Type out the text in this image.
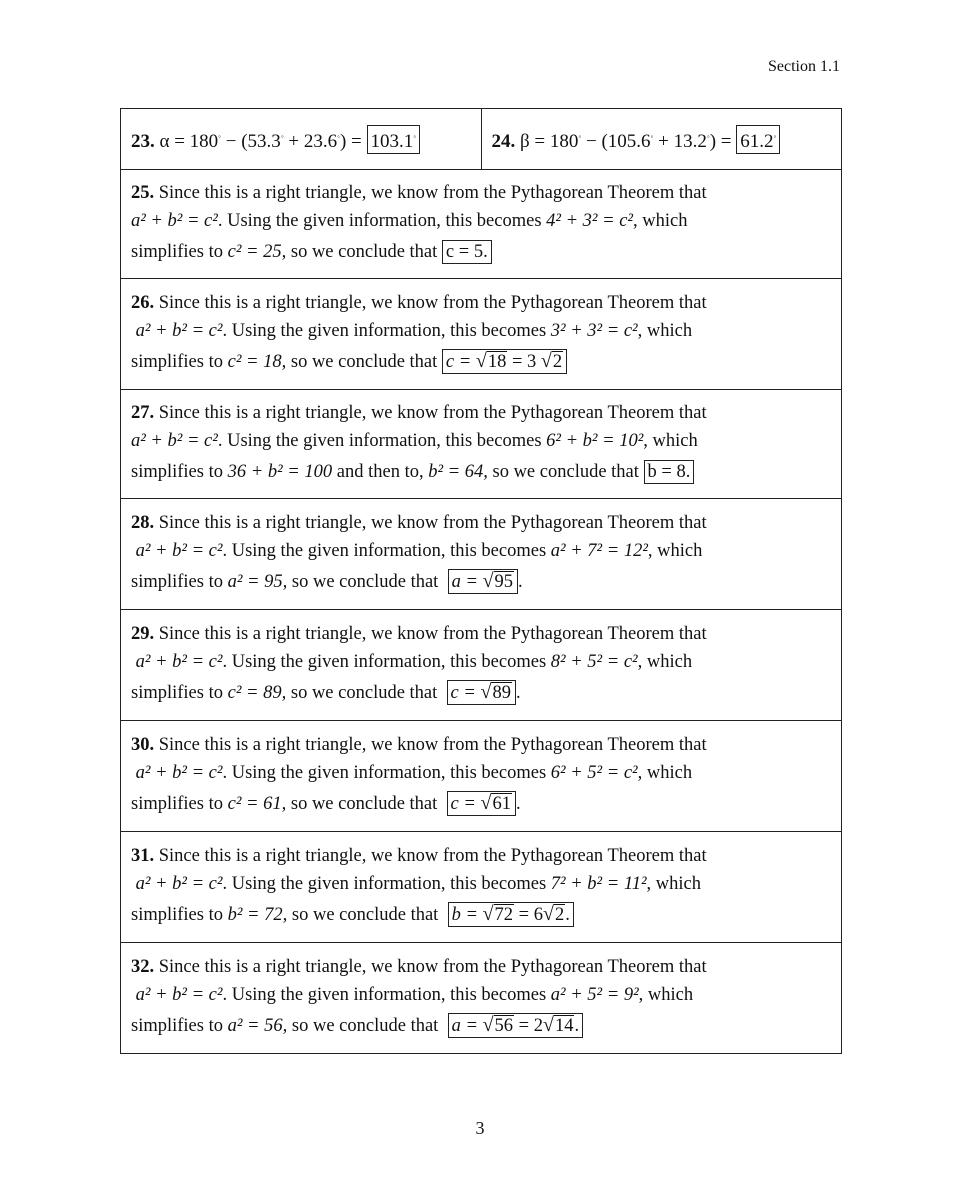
Section 1.1
23. α = 180◦ − (53.3◦ + 23.6◦) = 103.1◦	24. β = 180◦ − (105.6◦ + 13.2◦) = 61.2◦

25. Since this is a right triangle, we know from the Pythagorean Theorem that
a² + b² = c². Using the given information, this becomes 4² + 3² = c², which
simplifies to c² = 25, so we conclude that c = 5.

26. Since this is a right triangle, we know from the Pythagorean Theorem that
a² + b² = c². Using the given information, this becomes 3² + 3² = c², which
simplifies to c² = 18, so we conclude that c = √18 = 3 √2

27. Since this is a right triangle, we know from the Pythagorean Theorem that
a² + b² = c². Using the given information, this becomes 6² + b² = 10², which
simplifies to 36 + b² = 100 and then to, b² = 64, so we conclude that b = 8.

28. Since this is a right triangle, we know from the Pythagorean Theorem that
a² + b² = c². Using the given information, this becomes a² + 7² = 12², which
simplifies to a² = 95, so we conclude that  a = √95 .

29. Since this is a right triangle, we know from the Pythagorean Theorem that
a² + b² = c². Using the given information, this becomes 8² + 5² = c², which
simplifies to c² = 89, so we conclude that  c = √89 .

30. Since this is a right triangle, we know from the Pythagorean Theorem that
a² + b² = c². Using the given information, this becomes 6² + 5² = c², which
simplifies to c² = 61, so we conclude that  c = √61 .

31. Since this is a right triangle, we know from the Pythagorean Theorem that
a² + b² = c². Using the given information, this becomes 7² + b² = 11², which
simplifies to b² = 72, so we conclude that  b = √72 = 6√2.

32. Since this is a right triangle, we know from the Pythagorean Theorem that
a² + b² = c². Using the given information, this becomes a² + 5² = 9², which
simplifies to a² = 56, so we conclude that  a = √56 = 2√14.
3
